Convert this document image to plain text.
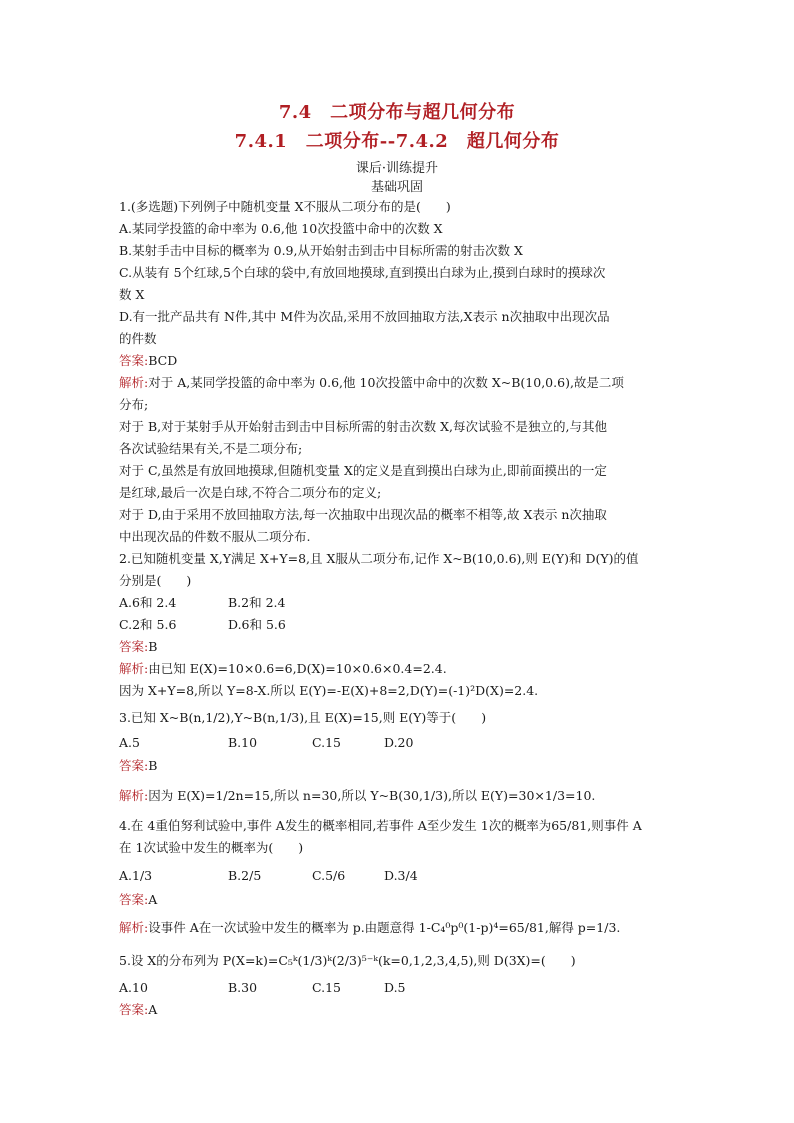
7.4　二项分布与超几何分布
7.4.1　二项分布--7.4.2　超几何分布
课后·训练提升
基础巩固
1.(多选题)下列例子中随机变量 X不服从二项分布的是(　　)
A.某同学投篮的命中率为 0.6,他 10次投篮中命中的次数 X
B.某射手击中目标的概率为 0.9,从开始射击到击中目标所需的射击次数 X
C.从装有 5个红球,5个白球的袋中,有放回地摸球,直到摸出白球为止,摸到白球时的摸球次
数 X
D.有一批产品共有 N件,其中 M件为次品,采用不放回抽取方法,X表示 n次抽取中出现次品
的件数
答案:BCD
解析:对于 A,某同学投篮的命中率为 0.6,他 10次投篮中命中的次数 X~B(10,0.6),故是二项
分布;
对于 B,对于某射手从开始射击到击中目标所需的射击次数 X,每次试验不是独立的,与其他
各次试验结果有关,不是二项分布;
对于 C,虽然是有放回地摸球,但随机变量 X的定义是直到摸出白球为止,即前面摸出的一定
是红球,最后一次是白球,不符合二项分布的定义;
对于 D,由于采用不放回抽取方法,每一次抽取中出现次品的概率不相等,故 X表示 n次抽取
中出现次品的件数不服从二项分布.
2.已知随机变量 X,Y满足 X+Y=8,且 X服从二项分布,记作 X~B(10,0.6),则 E(Y)和 D(Y)的值
分别是(　　)
A.6和 2.4	B.2和 2.4
C.2和 5.6	D.6和 5.6
答案:B
解析:由已知 E(X)=10×0.6=6,D(X)=10×0.6×0.4=2.4.
因为 X+Y=8,所以 Y=8-X.所以 E(Y)=-E(X)+8=2,D(Y)=(-1)²D(X)=2.4.
3.已知 X~B(n,1/2),Y~B(n,1/3),且 E(X)=15,则 E(Y)等于(　　)
A.5	B.10	C.15	D.20
答案:B
解析:因为 E(X)=1/2n=15,所以 n=30,所以 Y~B(30,1/3),所以 E(Y)=30×1/3=10.
4.在 4重伯努利试验中,事件 A发生的概率相同,若事件 A至少发生 1次的概率为65/81,则事件 A
在 1次试验中发生的概率为(　　)
A.1/3	B.2/5	C.5/6	D.3/4
答案:A
解析:设事件 A在一次试验中发生的概率为 p.由题意得 1-C₄⁰p⁰(1-p)⁴=65/81,解得 p=1/3.
5.设 X的分布列为 P(X=k)=C₅ᵏ(1/3)ᵏ(2/3)⁵⁻ᵏ(k=0,1,2,3,4,5),则 D(3X)=(　　)
A.10	B.30	C.15	D.5
答案:A
